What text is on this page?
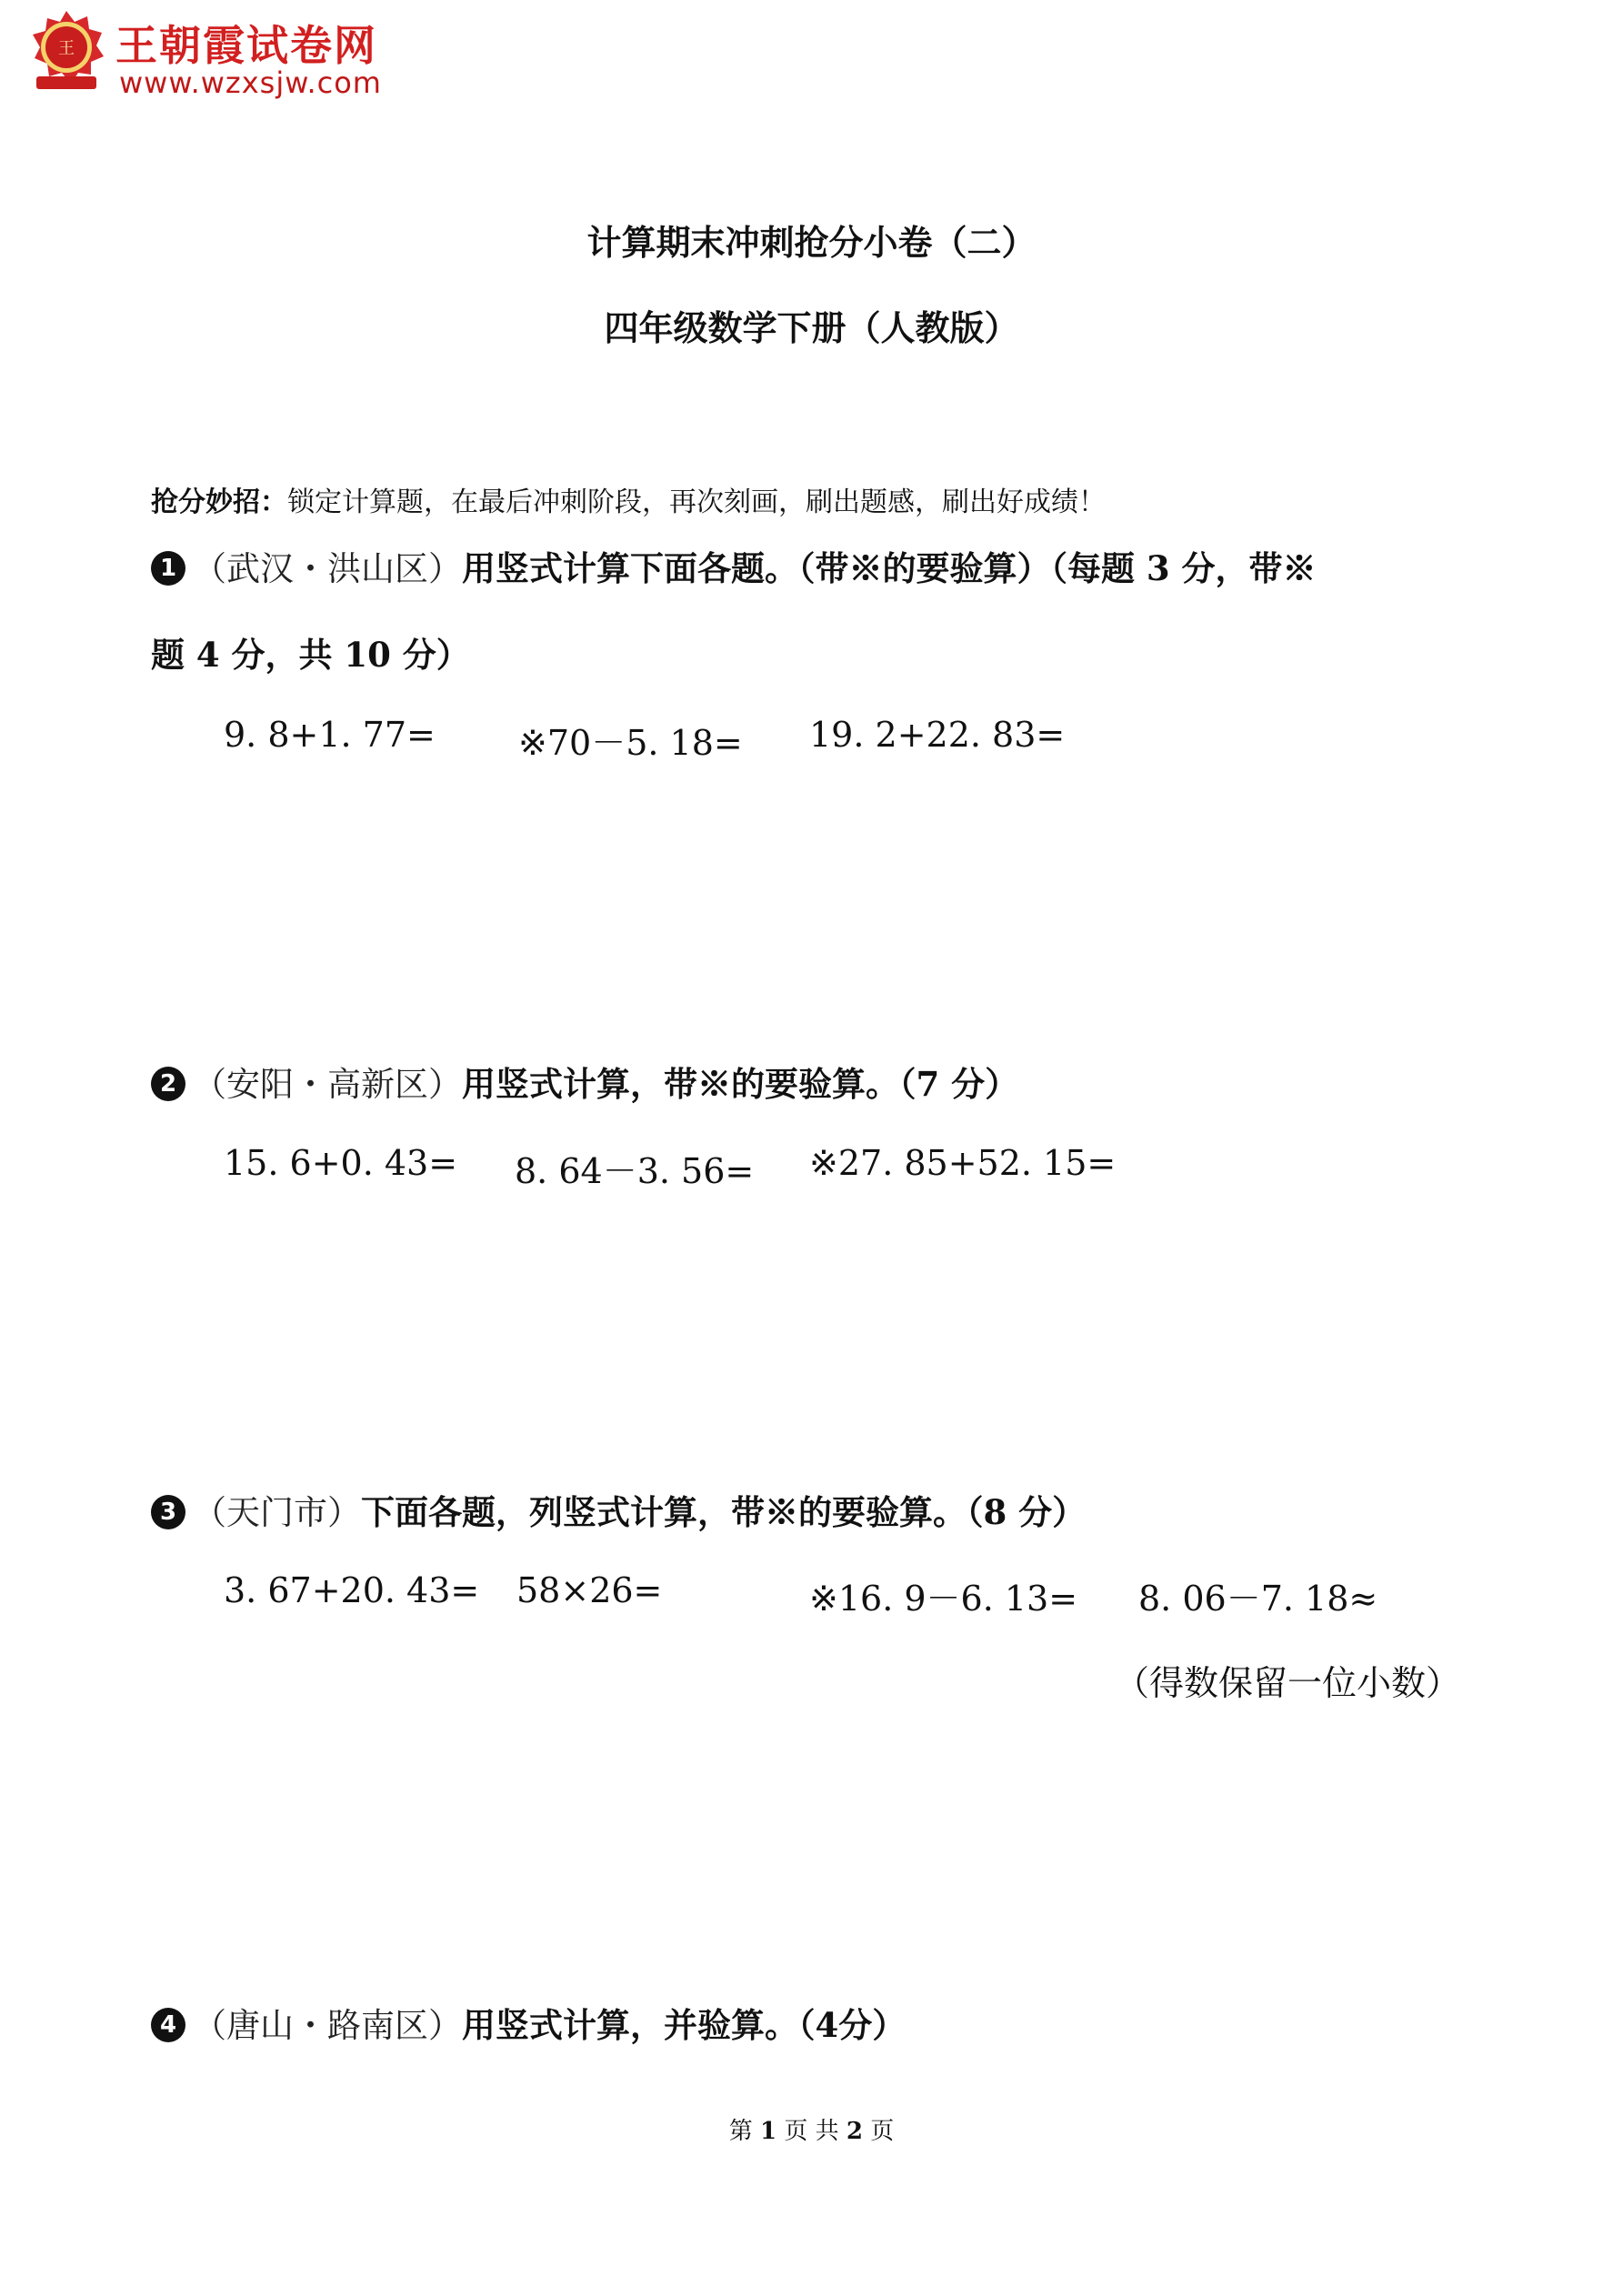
王 王朝霞试卷网
www.wzxsjw.com
计算期末冲刺抢分小卷（二）
四年级数学下册（人教版）
抢分妙招：锁定计算题，在最后冲刺阶段，再次刻画，刷出题感，刷出好成绩！
1 （武汉・洪山区）用竖式计算下面各题。（带※的要验算）（每题 3 分，带※
题 4 分，共 10 分）
9. 8+1. 77= ※70－5. 18= 19. 2+22. 83=
2 （安阳・高新区）用竖式计算，带※的要验算。（7 分）
15. 6+0. 43= 8. 64－3. 56= ※27. 85+52. 15=
3 （天门市）下面各题，列竖式计算，带※的要验算。（8 分）
3. 67+20. 43= 58×26=	※16. 9－6. 13= 8. 06－7. 18≈
（得数保留一位小数）
4 （唐山・路南区）用竖式计算，并验算。（4分）
第 1 页 共 2 页
